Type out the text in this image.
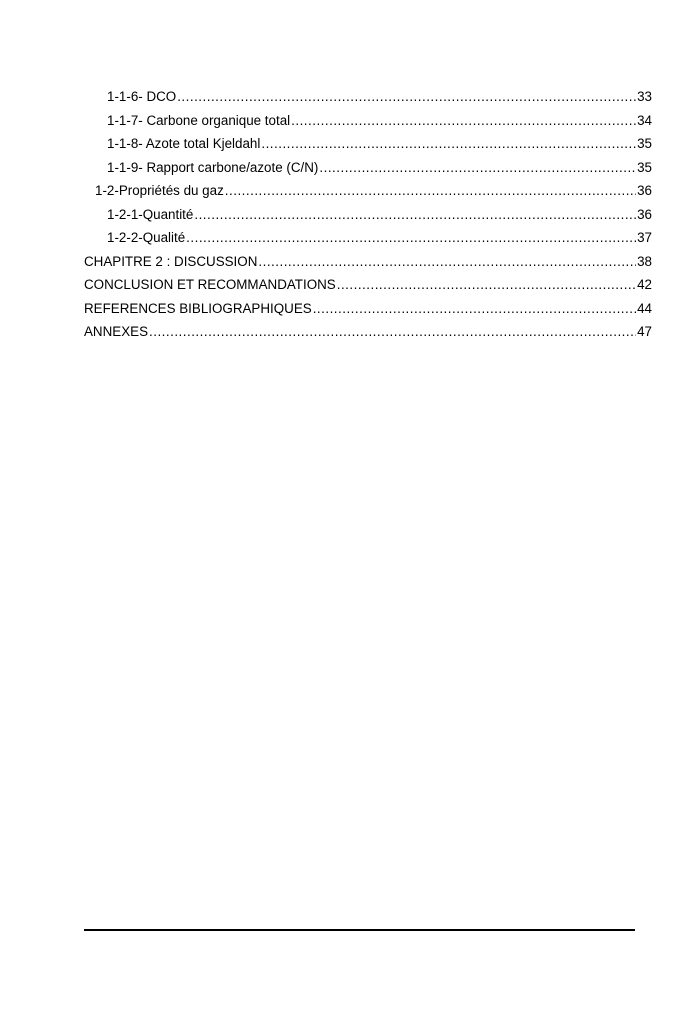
1-1-6- DCO .....	33
1-1-7- Carbone organique total .....	34
1-1-8- Azote total Kjeldahl .....	35
1-1-9- Rapport carbone/azote (C/N) .....	35
1-2-Propriétés du gaz .....	36
1-2-1-Quantité .....	36
1-2-2-Qualité .....	37
CHAPITRE 2 : DISCUSSION .....	38
CONCLUSION ET RECOMMANDATIONS .....	42
REFERENCES BIBLIOGRAPHIQUES .....	44
ANNEXES .....	47
